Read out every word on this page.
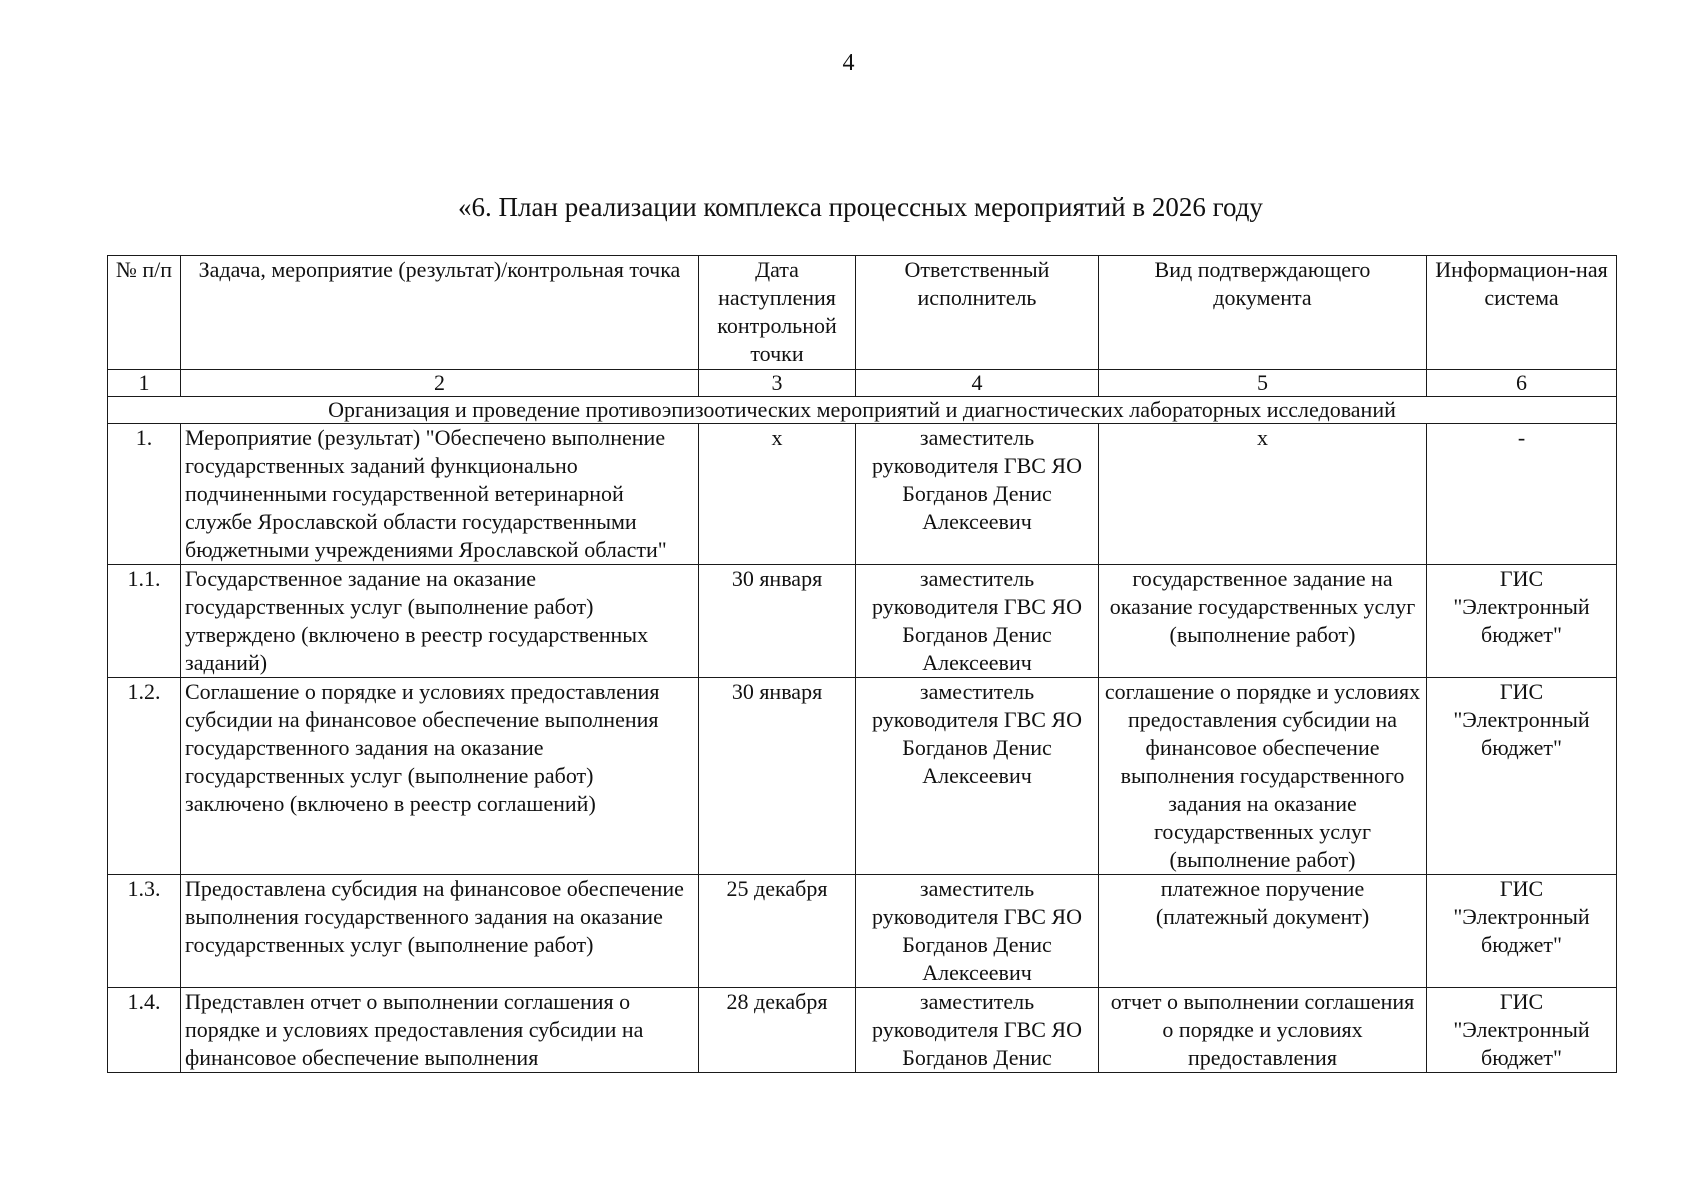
4
«6. План реализации комплекса процессных мероприятий в 2026 году
№ п/п	Задача, мероприятие (результат)/контрольная точка	Дата наступления контрольной точки	Ответственный исполнитель	Вид подтверждающего документа	Информацион-ная система
1	2	3	4	5	6
Организация и проведение противоэпизоотических мероприятий и диагностических лабораторных исследований					
1.	Мероприятие (результат) "Обеспечено выполнение государственных заданий функционально подчиненными государственной ветеринарной службе Ярославской области государственными бюджетными учреждениями Ярославской области"	х	заместитель руководителя ГВС ЯО Богданов Денис Алексеевич	х	-
1.1.	Государственное задание на оказание государственных услуг (выполнение работ) утверждено (включено в реестр государственных заданий)	30 января	заместитель руководителя ГВС ЯО Богданов Денис Алексеевич	государственное задание на оказание государственных услуг (выполнение работ)	ГИС "Электронный бюджет"
1.2.	Соглашение о порядке и условиях предоставления субсидии на финансовое обеспечение выполнения государственного задания на оказание государственных услуг (выполнение работ) заключено (включено в реестр соглашений)	30 января	заместитель руководителя ГВС ЯО Богданов Денис Алексеевич	соглашение о порядке и условиях предоставления субсидии на финансовое обеспечение выполнения государственного задания на оказание государственных услуг (выполнение работ)	ГИС "Электронный бюджет"
1.3.	Предоставлена субсидия на финансовое обеспечение выполнения государственного задания на оказание государственных услуг (выполнение работ)	25 декабря	заместитель руководителя ГВС ЯО Богданов Денис Алексеевич	платежное поручение (платежный документ)	ГИС "Электронный бюджет"

1.4.	Представлен отчет о выполнении соглашения о порядке и условиях предоставления субсидии на финансовое обеспечение выполнения	28 декабря	заместитель руководителя ГВС ЯО Богданов Денис	отчет о выполнении соглашения о порядке и условиях предоставления	ГИС "Электронный бюджет"
